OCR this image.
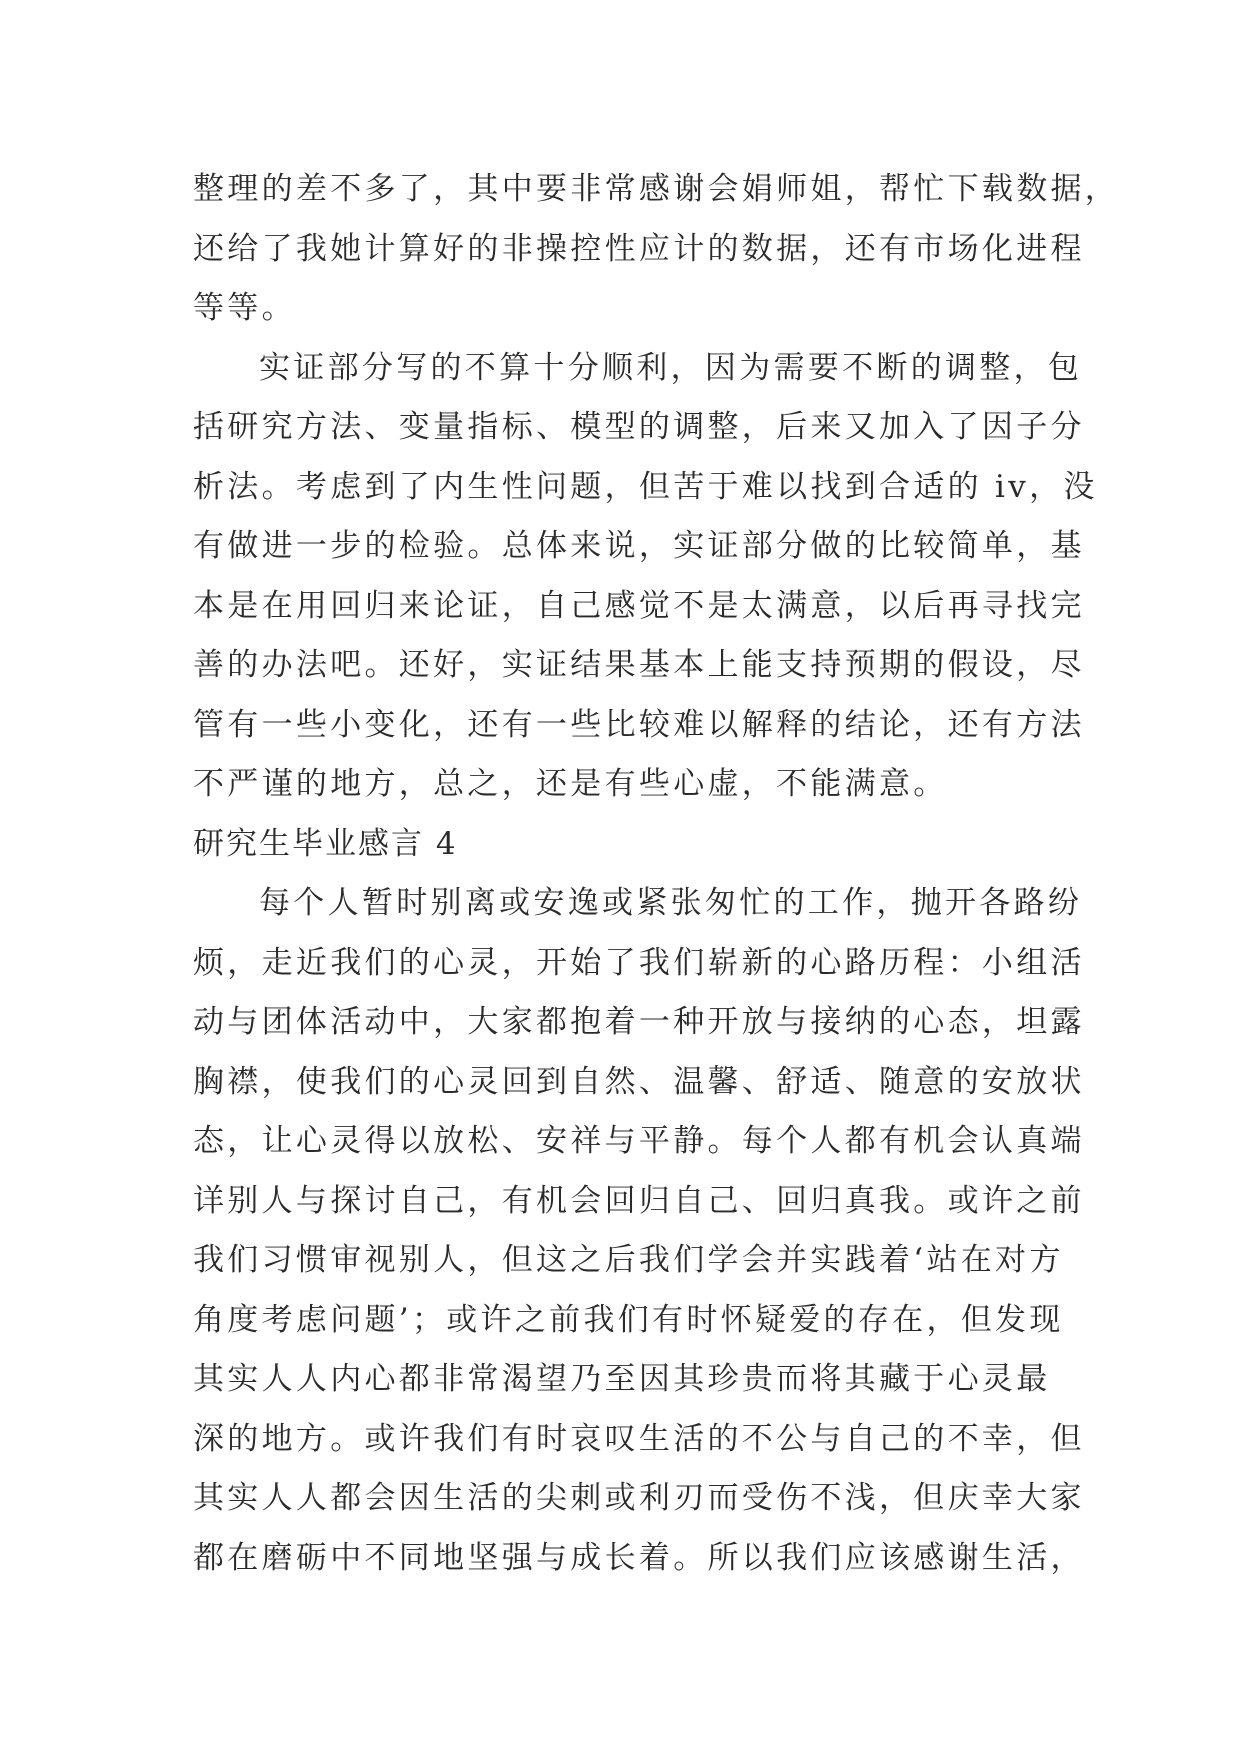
整理的差不多了，其中要非常感谢会娟师姐，帮忙下载数据，
还给了我她计算好的非操控性应计的数据，还有市场化进程
等等。
实证部分写的不算十分顺利，因为需要不断的调整，包
括研究方法、变量指标、模型的调整，后来又加入了因子分
析法。考虑到了内生性问题，但苦于难以找到合适的 iv，没
有做进一步的检验。总体来说，实证部分做的比较简单，基
本是在用回归来论证，自己感觉不是太满意，以后再寻找完
善的办法吧。还好，实证结果基本上能支持预期的假设，尽
管有一些小变化，还有一些比较难以解释的结论，还有方法
不严谨的地方，总之，还是有些心虚，不能满意。
研究生毕业感言 4
每个人暂时别离或安逸或紧张匆忙的工作，抛开各路纷
烦，走近我们的心灵，开始了我们崭新的心路历程：小组活
动与团体活动中，大家都抱着一种开放与接纳的心态，坦露
胸襟，使我们的心灵回到自然、温馨、舒适、随意的安放状
态，让心灵得以放松、安祥与平静。每个人都有机会认真端
详别人与探讨自己，有机会回归自己、回归真我。或许之前
我们习惯审视别人，但这之后我们学会并实践着‘站在对方
角度考虑问题’；或许之前我们有时怀疑爱的存在，但发现
其实人人内心都非常渴望乃至因其珍贵而将其藏于心灵最
深的地方。或许我们有时哀叹生活的不公与自己的不幸，但
其实人人都会因生活的尖刺或利刃而受伤不浅，但庆幸大家
都在磨砺中不同地坚强与成长着。所以我们应该感谢生活，
